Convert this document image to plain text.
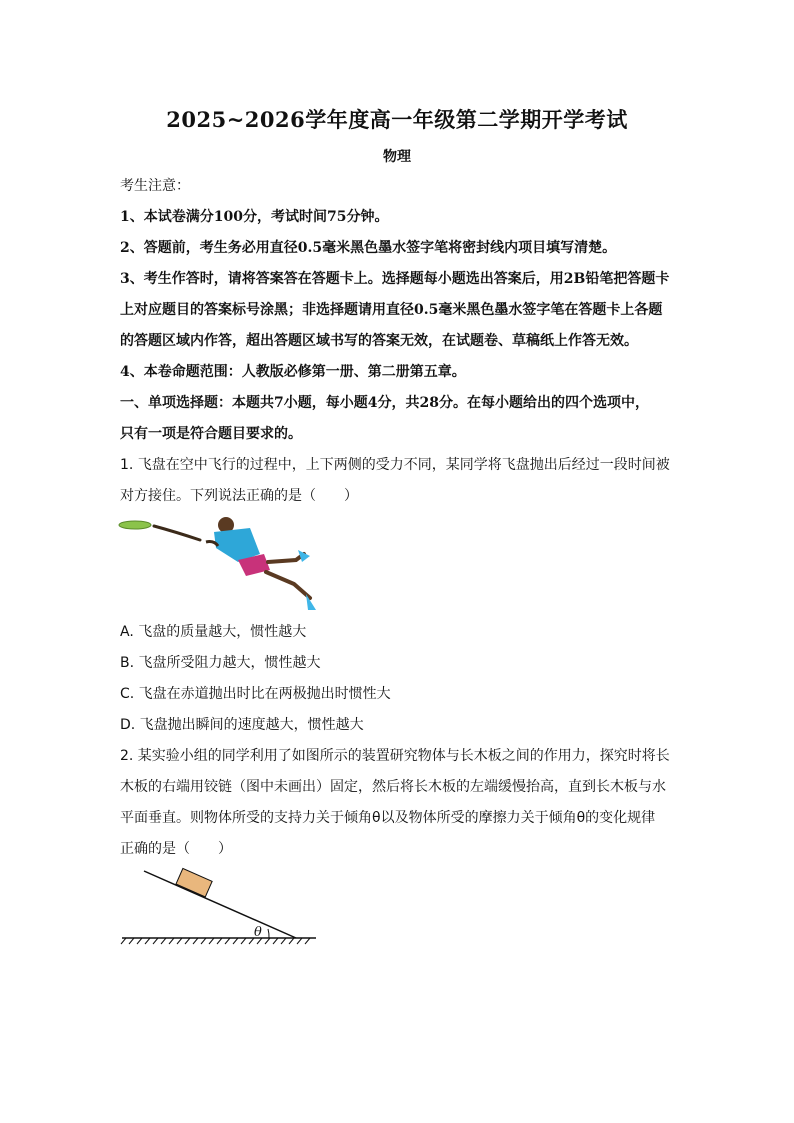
2025~2026学年度高一年级第二学期开学考试
物理
考生注意：
1、本试卷满分100分，考试时间75分钟。
2、答题前，考生务必用直径0.5毫米黑色墨水签字笔将密封线内项目填写清楚。
3、考生作答时，请将答案答在答题卡上。选择题每小题选出答案后，用2B铅笔把答题卡
上对应题目的答案标号涂黑；非选择题请用直径0.5毫米黑色墨水签字笔在答题卡上各题
的答题区域内作答，超出答题区域书写的答案无效，在试题卷、草稿纸上作答无效。
4、本卷命题范围：人教版必修第一册、第二册第五章。
一、单项选择题：本题共7小题，每小题4分，共28分。在每小题给出的四个选项中，
只有一项是符合题目要求的。
1. 飞盘在空中飞行的过程中，上下两侧的受力不同，某同学将飞盘抛出后经过一段时间被
对方接住。下列说法正确的是（　　）
A. 飞盘的质量越大，惯性越大
B. 飞盘所受阻力越大，惯性越大
C. 飞盘在赤道抛出时比在两极抛出时惯性大
D. 飞盘抛出瞬间的速度越大，惯性越大
2. 某实验小组的同学利用了如图所示的装置研究物体与长木板之间的作用力，探究时将长
木板的右端用铰链（图中未画出）固定，然后将长木板的左端缓慢抬高，直到长木板与水
平面垂直。则物体所受的支持力关于倾角θ以及物体所受的摩擦力关于倾角θ的变化规律
正确的是（　　）
θ
